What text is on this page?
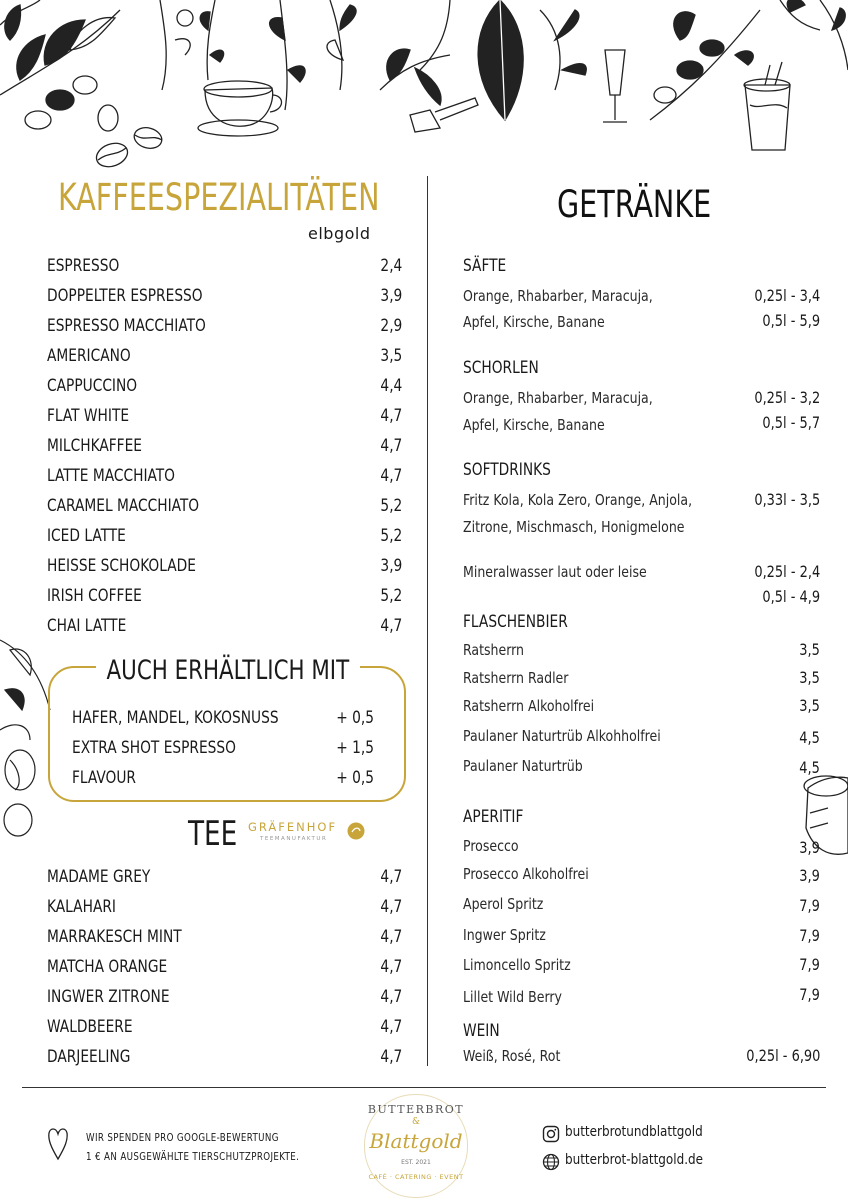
KAFFEESPEZIALITÄTEN
elbgold
ESPRESSO	2,4
DOPPELTER ESPRESSO	3,9
ESPRESSO MACCHIATO	2,9
AMERICANO	3,5
CAPPUCCINO	4,4
FLAT WHITE	4,7
MILCHKAFFEE	4,7
LATTE MACCHIATO	4,7
CARAMEL MACCHIATO	5,2
ICED LATTE	5,2
HEISSE SCHOKOLADE	3,9
IRISH COFFEE	5,2
CHAI LATTE	4,7
AUCH ERHÄLTLICH MIT
HAFER, MANDEL, KOKOSNUSS	+ 0,5
EXTRA SHOT ESPRESSO	+ 1,5
FLAVOUR	+ 0,5
TEE GRÄFENHOF
TEEMANUFAKTUR
MADAME GREY	4,7
KALAHARI	4,7
MARRAKESCH MINT	4,7
MATCHA ORANGE	4,7
INGWER ZITRONE	4,7
WALDBEERE	4,7
DARJEELING	4,7
GETRÄNKE
SÄFTE
Orange, Rhabarber, Maracuja,
Apfel, Kirsche, Banane
0,25l - 3,4
0,5l - 5,9
SCHORLEN
Orange, Rhabarber, Maracuja,
Apfel, Kirsche, Banane
0,25l - 3,2
0,5l - 5,7
SOFTDRINKS
Fritz Kola, Kola Zero, Orange, Anjola,
Zitrone, Mischmasch, Honigmelone
0,33l - 3,5
Mineralwasser laut oder leise	0,25l - 2,4
0,5l - 4,9
FLASCHENBIER
Ratsherrn	3,5
Ratsherrn Radler	3,5
Ratsherrn Alkoholfrei	3,5
Paulaner Naturtrüb Alkohholfrei	4,5
Paulaner Naturtrüb	4,5
APERITIF
Prosecco	3,9
Prosecco Alkoholfrei	3,9
Aperol Spritz	7,9
Ingwer Spritz	7,9
Limoncello Spritz	7,9
Lillet Wild Berry	7,9
WEIN
Weiß, Rosé, Rot	0,25l - 6,90
WIR SPENDEN PRO GOOGLE-BEWERTUNG
1 € AN AUSGEWÄHLTE TIERSCHUTZPROJEKTE.
BUTTERBROT
&
Blattgold
EST. 2021
CAFÉ · CATERING · EVENT
butterbrotundblattgold
butterbrot-blattgold.de
